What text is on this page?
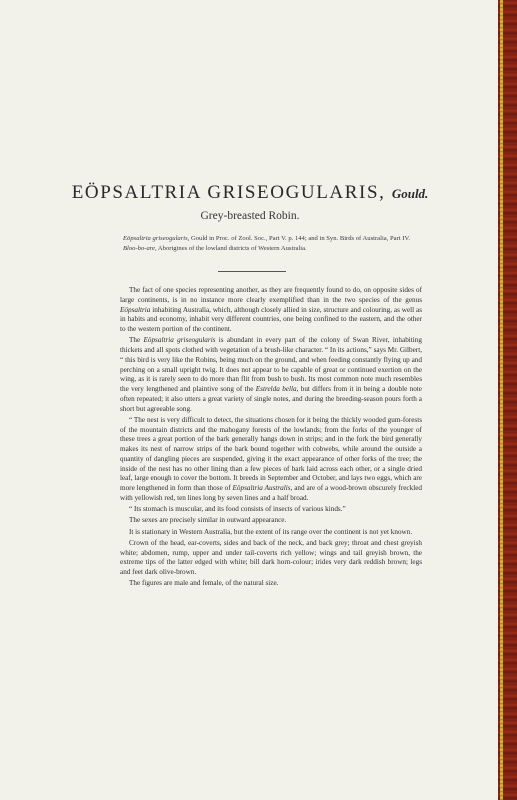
EÖPSALTRIA GRISEOGULARIS, Gould.
Grey-breasted Robin.

Eöpsaltria griseogularis, Gould in Proc. of Zool. Soc., Part V. p. 144; and in Syn. Birds of Australia, Part IV.

Bloo-bo-are, Aborigines of the lowland districts of Western Australia.

The fact of one species representing another, as they are frequently found to do, on opposite sides of large continents, is in no instance more clearly exemplified than in the two species of the genus Eöpsaltria inhabiting Australia, which, although closely allied in size, structure and colouring, as well as in habits and economy, inhabit very different countries, one being confined to the eastern, and the other to the western portion of the continent.

The Eöpsaltria griseogularis is abundant in every part of the colony of Swan River, inhabiting thickets and all spots clothed with vegetation of a brush-like character. “ In its actions,” says Mr. Gilbert, “ this bird is very like the Robins, being much on the ground, and when feeding constantly flying up and perching on a small upright twig. It does not appear to be capable of great or continued exertion on the wing, as it is rarely seen to do more than flit from bush to bush. Its most common note much resembles the very lengthened and plaintive song of the Estrelda bella, but differs from it in being a double note often repeated; it also utters a great variety of single notes, and during the breeding-season pours forth a short but agreeable song.

“ The nest is very difficult to detect, the situations chosen for it being the thickly wooded gum-forests of the mountain districts and the mahogany forests of the lowlands; from the forks of the younger of these trees a great portion of the bark generally hangs down in strips; and in the fork the bird generally makes its nest of narrow strips of the bark bound together with cobwebs, while around the outside a quantity of dangling pieces are suspended, giving it the exact appearance of other forks of the tree; the inside of the nest has no other lining than a few pieces of bark laid across each other, or a single dried leaf, large enough to cover the bottom. It breeds in September and October, and lays two eggs, which are more lengthened in form than those of Eöpsaltria Australis, and are of a wood-brown obscurely freckled with yellowish red, ten lines long by seven lines and a half broad.

“ Its stomach is muscular, and its food consists of insects of various kinds.”

The sexes are precisely similar in outward appearance.

It is stationary in Western Australia, but the extent of its range over the continent is not yet known.

Crown of the head, ear-coverts, sides and back of the neck, and back grey; throat and chest greyish white; abdomen, rump, upper and under tail-coverts rich yellow; wings and tail greyish brown, the extreme tips of the latter edged with white; bill dark horn-colour; irides very dark reddish brown; legs and feet dark olive-brown.

The figures are male and female, of the natural size.
